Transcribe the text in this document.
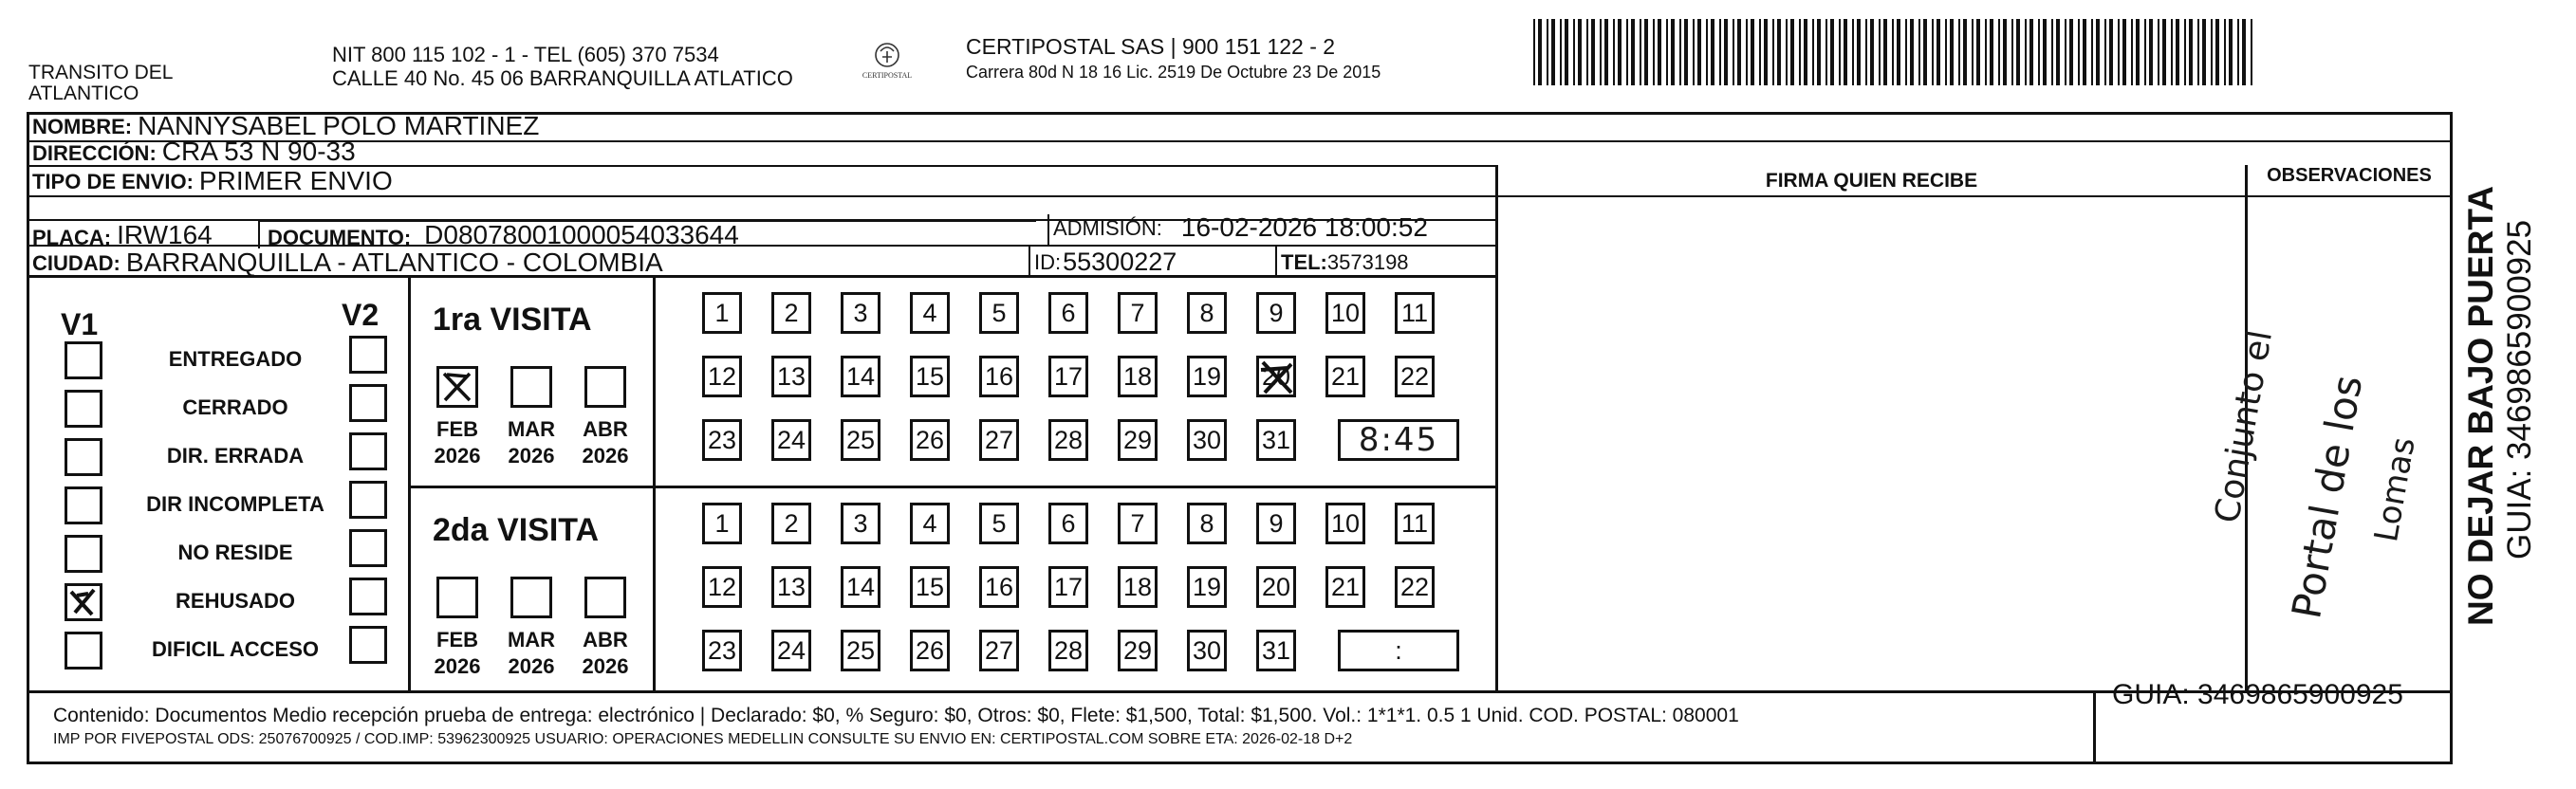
TRANSITO DEL
ATLANTICO
NIT 800 115 102 - 1 - TEL (605) 370 7534
CALLE 40 No. 45 06 BARRANQUILLA ATLATICO	CERTIPOSTAL
CERTIPOSTAL SAS | 900 151 122 - 2
Carrera 80d N 18 16 Lic. 2519 De Octubre 23 De 2015
NOMBRE: NANNYSABEL POLO MARTINEZ
DIRECCIÓN: CRA 53 N 90-33
TIPO DE ENVIO: PRIMER ENVIO
PLACA: IRW164	DOCUMENTO: D08078001000054033644	ADMISIÓN: 16-02-2026 18:00:52
CIUDAD: BARRANQUILLA - ATLANTICO - COLOMBIA	ID: 55300227	TEL: 3573198
FIRMA QUIEN RECIBE	OBSERVACIONES
Conjunto el Portal de los
Lomas
V1	V2
ENTREGADO
CERRADO
DIR. ERRADA
DIR INCOMPLETA
NO RESIDE
REHUSADO
DIFICIL ACCESO
1ra VISITA
FEB
2026
MAR
2026
ABR
2026
1 2 3 4 5 6 7 8 9 10 11
12 13 14 15 16 17 18 19 20 21 22
23 24 25 26 27 28 29 30 31 8:45
2da VISITA
FEB
2026
MAR
2026
ABR
2026
1 2 3 4 5 6 7 8 9 10 11
12 13 14 15 16 17 18 19 20 21 22
23 24 25 26 27 28 29 30 31	:
Contenido: Documentos Medio recepción prueba de entrega: electrónico | Declarado: $0, % Seguro: $0, Otros: $0, Flete: $1,500, Total: $1,500. Vol.: 1*1*1. 0.5 1 Unid. COD. POSTAL: 080001
IMP POR FIVEPOSTAL ODS: 25076700925 / COD.IMP: 53962300925 USUARIO: OPERACIONES MEDELLIN CONSULTE SU ENVIO EN: CERTIPOSTAL.COM SOBRE ETA: 2026-02-18 D+2
GUIA: 3469865900925
NO DEJAR BAJO PUERTA GUIA: 3469865900925
